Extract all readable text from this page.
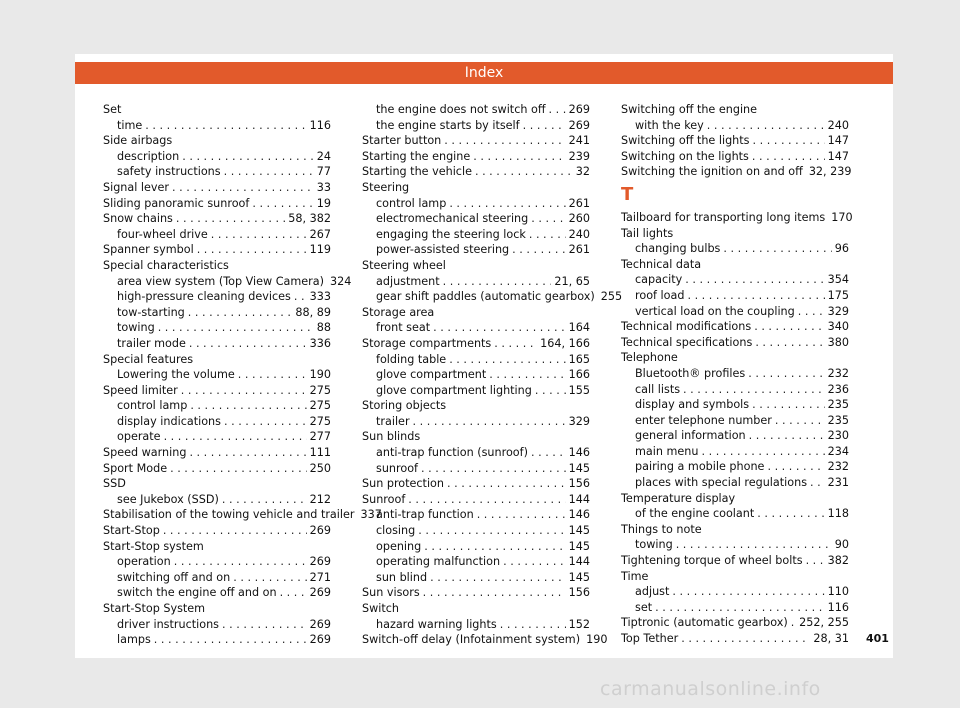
Index
Set
time . . .	116
Side airbags
description . . .	24
safety instructions . . .	77
Signal lever . . .	33
Sliding panoramic sunroof . . .	19
Snow chains . . .	58, 382
four-wheel drive . . .	267
Spanner symbol . . .	119
Special characteristics
area view system (Top View Camera) 324
high-pressure cleaning devices . . . 333
tow-starting . . .	88, 89
towing . . .	88
trailer mode . . .	336
Special features
Lowering the volume . . .	190
Speed limiter . . .	275
control lamp . . .	275
display indications . . .	275
operate . . .	277
Speed warning . . .	111
Sport Mode . . .	250
SSD
see Jukebox (SSD) . . .	212
Stabilisation of the towing vehicle and trailer 337
Start-Stop . . .	269
Start-Stop system
operation . . .	269
switching off and on . . .	271
switch the engine off and on . . .	269
Start-Stop System
driver instructions . . .	269
lamps . . .	269
the engine does not switch off . . . 269
the engine starts by itself . . .	269
Starter button . . .	241
Starting the engine . . .	239
Starting the vehicle . . .	32
Steering
control lamp . . .	261
electromechanical steering . . .	260
engaging the steering lock . . .	240
power-assisted steering . . .	261
Steering wheel
adjustment . . .	21, 65
gear shift paddles (automatic gearbox) 255
Storage area
front seat . . .	164
Storage compartments . . .	164, 166
folding table . . .	165
glove compartment . . .	166
glove compartment lighting . . .	155
Storing objects
trailer . . .	329
Sun blinds
anti-trap function (sunroof) . . .	146
sunroof . . .	145
Sun protection . . .	156
Sunroof . . .	144
anti-trap function . . .	146
closing . . .	145
opening . . .	145
operating malfunction . . .	144
sun blind . . .	145
Sun visors . . .	156
Switch
hazard warning lights . . .	152
Switch-off delay (Infotainment system) 190
Switching off the engine
with the key . . .	240
Switching off the lights . . .	147
Switching on the lights . . .	147
Switching the ignition on and off 32, 239
T
Tailboard for transporting long items 170
Tail lights
changing bulbs . . .	96
Technical data
capacity . . .	354
roof load . . .	175
vertical load on the coupling . . .	329
Technical modifications . . .	340
Technical specifications . . .	380
Telephone
Bluetooth® profiles . . .	232
call lists . . .	236
display and symbols . . .	235
enter telephone number . . .	235
general information . . .	230
main menu . . .	234
pairing a mobile phone . . .	232
places with special regulations . . . 231
Temperature display
of the engine coolant . . .	118
Things to note
towing . . .	90
Tightening torque of wheel bolts . . . 382
Time
adjust . . .	110
set . . .	116
Tiptronic (automatic gearbox) . . . 252, 255
Top Tether . . .	28, 31 401
carmanualsonline.info
